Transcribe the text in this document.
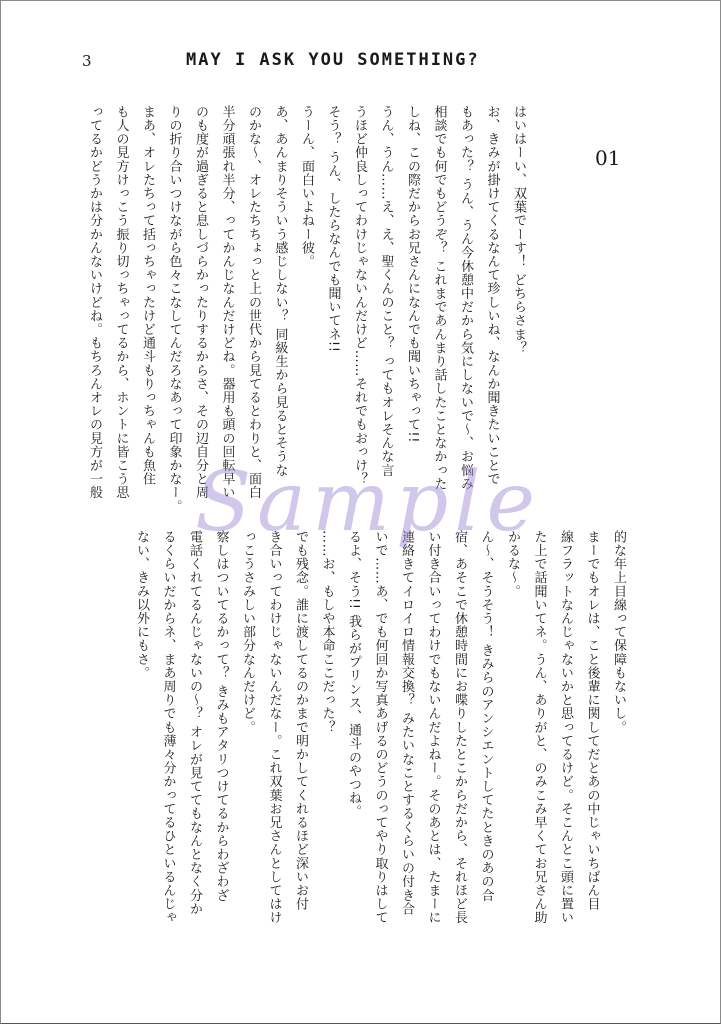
3	MAY I ASK YOU SOMETHING?
01

はいはーい、双葉でーす！ どちらさま？

お、きみが掛けてくるなんて珍しいね、なんか聞きたいことで

もあった？ うん、うん今休憩中だから気にしないで〜、お悩み

相談でも何でもどうぞ？ これまであんまり話したことなかった

しね、この際だからお兄さんになんでも聞いちゃって!!

うん、うん……え、え、聖くんのこと？ ってもオレそんな言

うほど仲良しってわけじゃないんだけど……それでもおっけ？

そう？ うん、したらなんでも聞いてネ!!

うーん、面白いよねー彼。

あ、あんまりそういう感じしない？ 同級生から見るとそうな

のかな〜、オレたちちょっと上の世代から見てるとわりと、面白

半分頑張れ半分、ってかんじなんだけどね。器用も頭の回転早い

のも度が過ぎると息しづらかったりするからさ、その辺自分と周

りの折り合いつけながら色々こなしてんだろなあって印象かなー。

まあ、オレたちって括っちゃったけど通斗もりっちゃんも魚住

も人の見方けっこう振り切っちゃってるから、ホントに皆こう思

ってるかどうかは分かんないけどね。もちろんオレの見方が一般

的な年上目線って保障もないし。

まーでもオレは、こと後輩に関してだとあの中じゃいちばん目

線フラットなんじゃないかと思ってるけど。そこんとこ頭に置い

た上で話聞いてネ。うん、ありがと、のみこみ早くてお兄さん助

かるな〜。

ん〜、そうそう！ きみらのアンシエントしてたときのあの合

宿、あそこで休憩時間にお喋りしたとこからだから、それほど長

い付き合いってわけでもないんだよねー。そのあとは、たまーに

連絡きてイロイロ情報交換？ みたいなことするくらいの付き合

いで……あ、でも何回か写真あげるのどうのってやり取りはして

るよ、そう!! 我らがプリンス、通斗のやつね。

……お、もしや本命ここだった？

でも残念。誰に渡してるのかまで明かしてくれるほど深いお付

き合いってわけじゃないんだなー。これ双葉お兄さんとしてはけ

っこうさみしい部分なんだけど。

察しはついてるかって？ きみもアタリつけてるからわざわざ

電話くれてるんじゃないの〜？ オレが見ててもなんとなく分か

るくらいだからネ、まあ周りでも薄々分かってるひといるんじゃ

ない、きみ以外にもさ。

Sample
